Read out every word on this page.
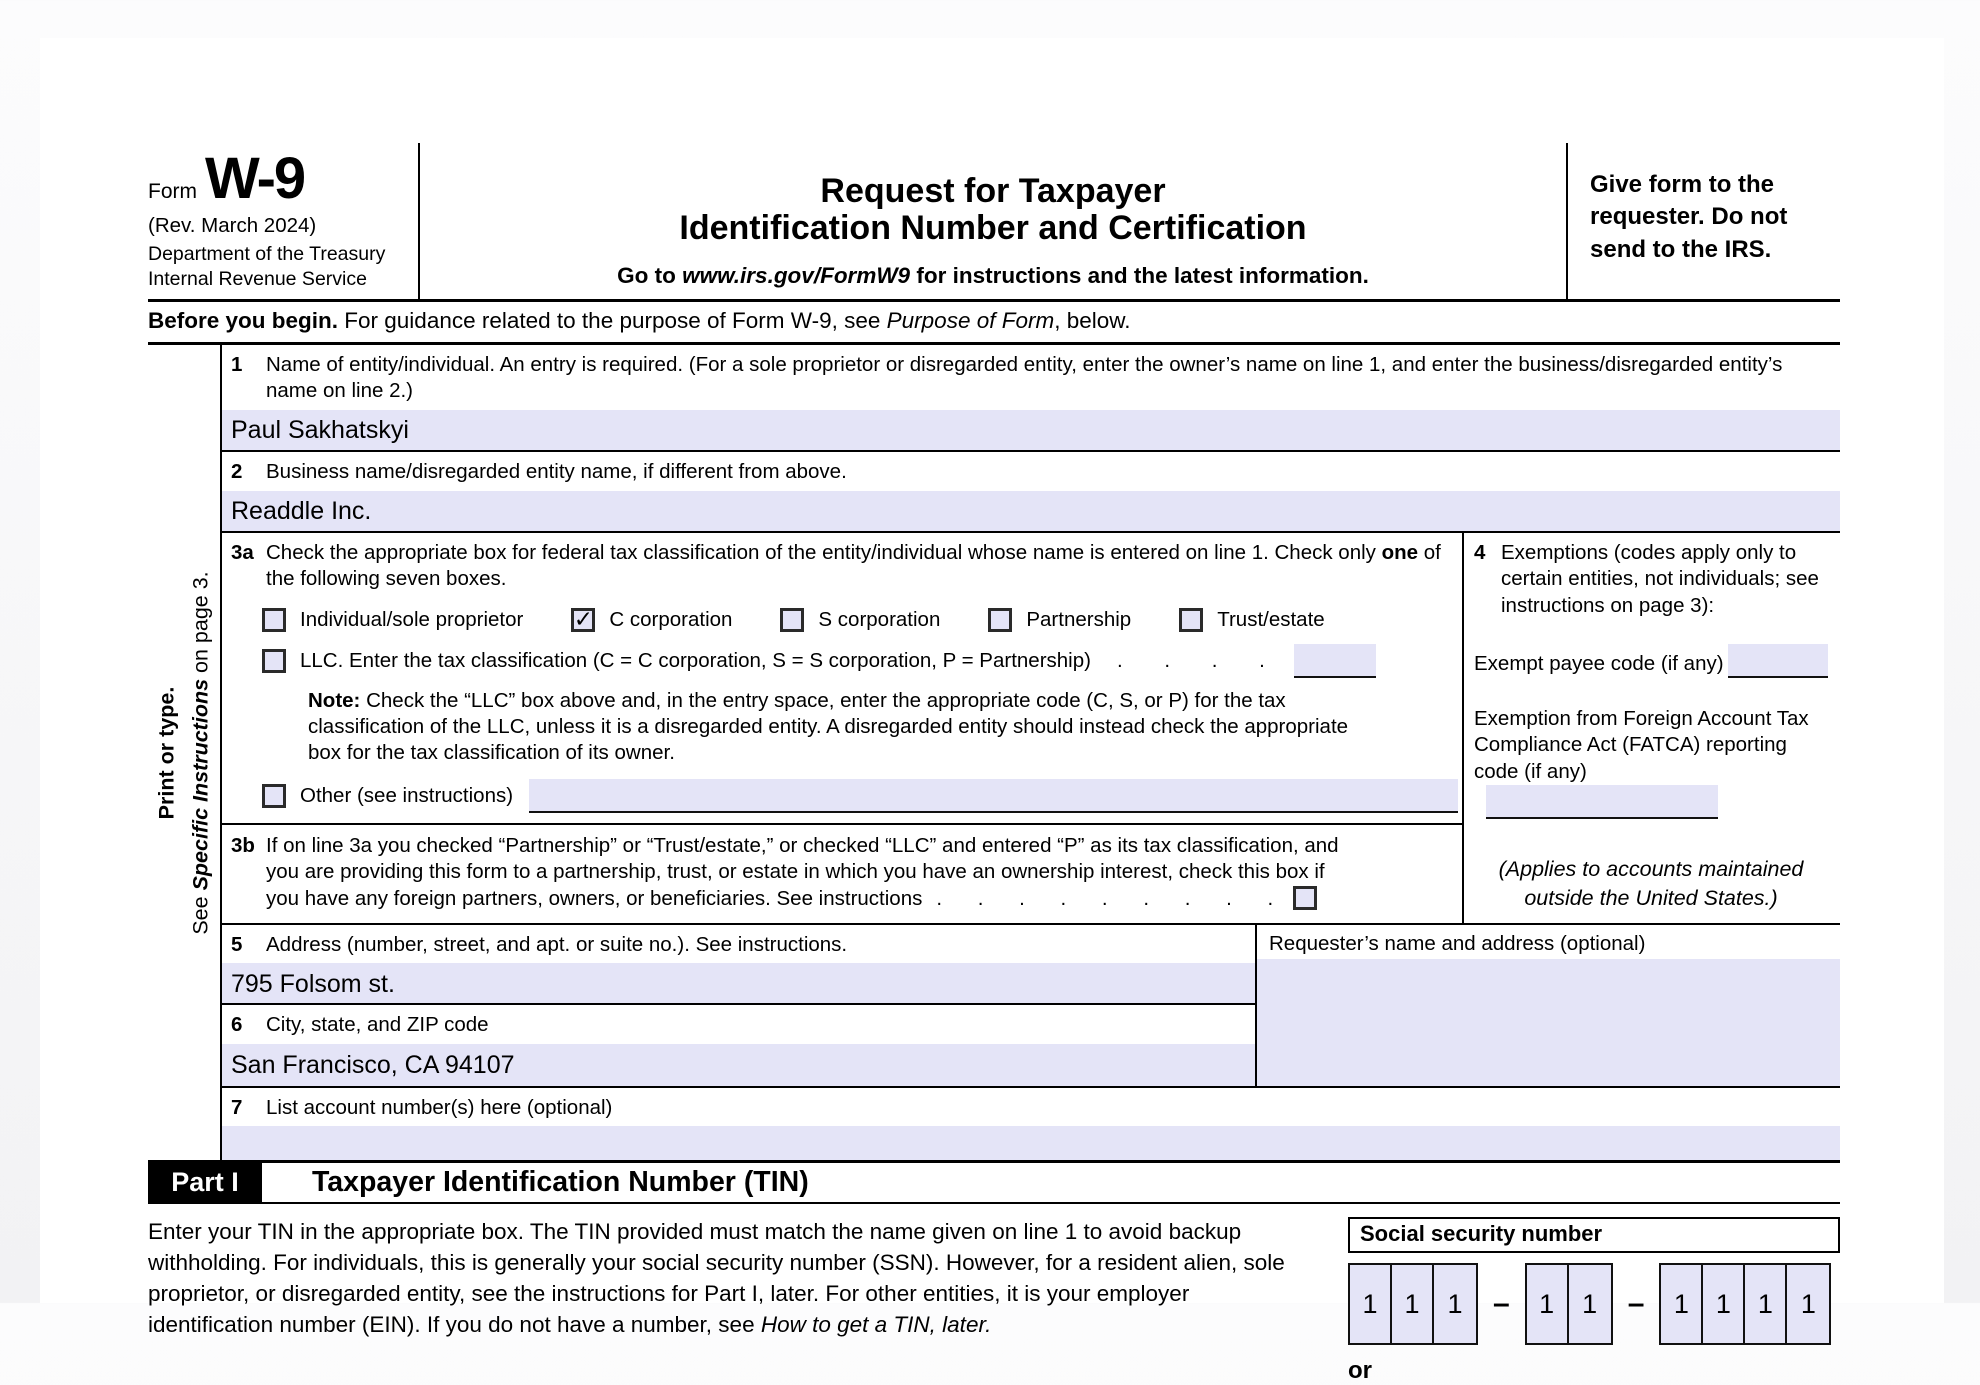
Form W-9
(Rev. March 2024)
Department of the Treasury
Internal Revenue Service
Request for Taxpayer
Identification Number and Certification
Go to www.irs.gov/FormW9 for instructions and the latest information.
Give form to the requester. Do not send to the IRS.
Before you begin. For guidance related to the purpose of Form W-9, see Purpose of Form, below.
Print or type.
See Specific Instructions on page 3.
1	Name of entity/individual. An entry is required. (For a sole proprietor or disregarded entity, enter the owner’s name on line 1, and enter the business/disregarded entity’s name on line 2.)
Paul Sakhatskyi
2	Business name/disregarded entity name, if different from above.
Readdle Inc.
3a Check the appropriate box for federal tax classification of the entity/individual whose name is entered on line 1. Check only one of the following seven boxes.
Individual/sole proprietor ✓ C corporation	S corporation	Partnership	Trust/estate
LLC. Enter the tax classification (C = C corporation, S = S corporation, P = Partnership) . . . .
Note: Check the “LLC” box above and, in the entry space, enter the appropriate code (C, S, or P) for the tax classification of the LLC, unless it is a disregarded entity. A disregarded entity should instead check the appropriate box for the tax classification of its owner.
Other (see instructions)
3b If on line 3a you checked “Partnership” or “Trust/estate,” or checked “LLC” and entered “P” as its tax classification, and you are providing this form to a partnership, trust, or estate in which you have an ownership interest, check this box if you have any foreign partners, owners, or beneficiaries. See instructions . . . . . . . . .
4 Exemptions (codes apply only to certain entities, not individuals; see instructions on page 3):
Exempt payee code (if any)
Exemption from Foreign Account Tax Compliance Act (FATCA) reporting code (if any)
(Applies to accounts maintained outside the United States.)
5	Address (number, street, and apt. or suite no.). See instructions.
795 Folsom st.
6	City, state, and ZIP code
San Francisco, CA 94107
Requester’s name and address (optional)
7	List account number(s) here (optional)
Part I	Taxpayer Identification Number (TIN)
Enter your TIN in the appropriate box. The TIN provided must match the name given on line 1 to avoid backup withholding. For individuals, this is generally your social security number (SSN). However, for a resident alien, sole proprietor, or disregarded entity, see the instructions for Part I, later. For other entities, it is your employer identification number (EIN). If you do not have a number, see How to get a TIN, later.
Social security number
1 1	1	–	1	1	–	1 1 1	1
or
